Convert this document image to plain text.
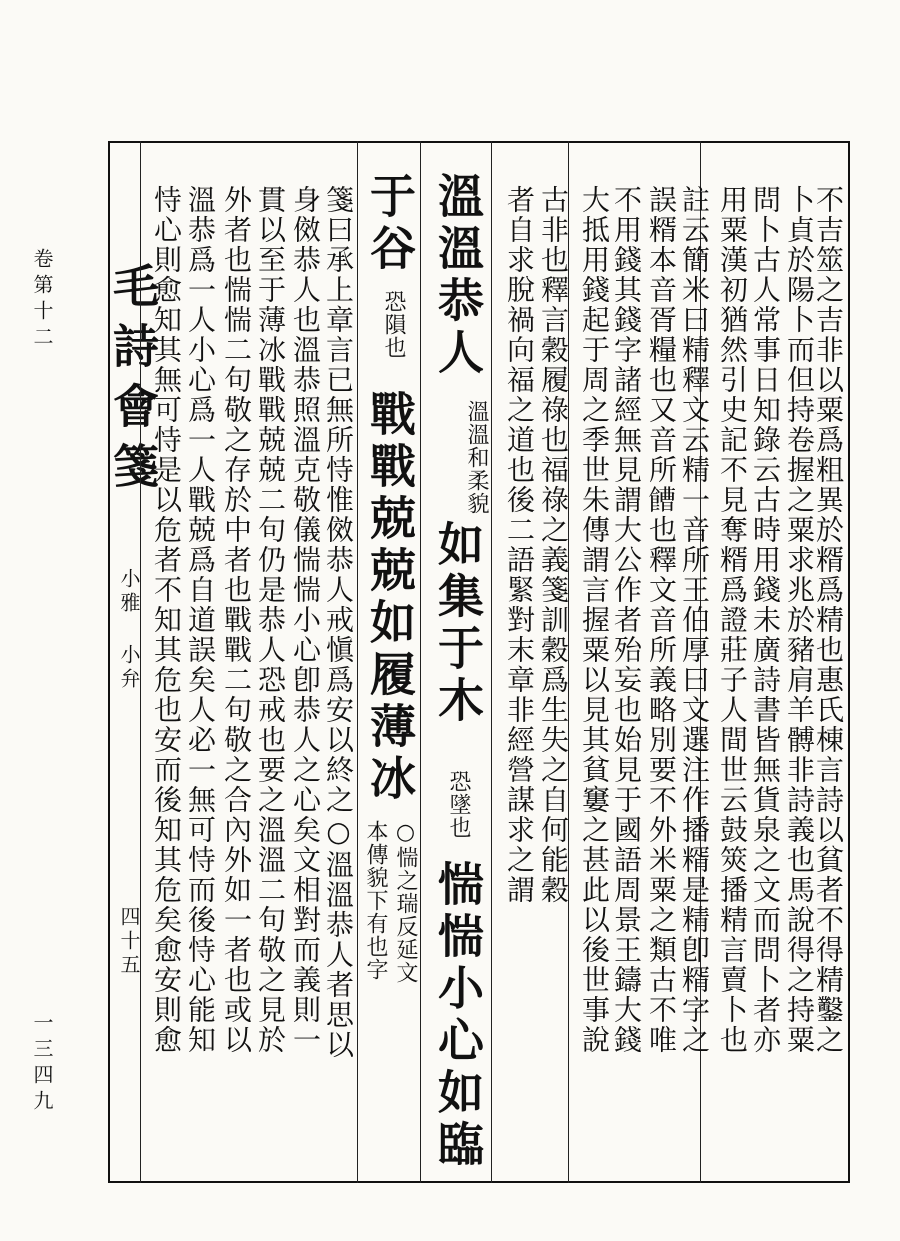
卷第十二
一三四九
毛詩會箋
小雅 小弁
四十五	不吉筮之吉非以粟爲粗異於糈爲精也惠氏棟言詩以貧者不得精鑿之
卜貞於陽卜而但持卷握之粟求兆於豬肩羊髆非詩義也馬說得之持粟
問卜古人常事日知錄云古時用錢未廣詩書皆無貨泉之文而問卜者亦
用粟漢初猶然引史記不見奪糈爲證莊子人間世云鼓筴播精言賣卜也
註云簡米曰精釋文云精一音所王伯厚曰文選注作播糈是精卽糈字之
誤糈本音胥糧也又音所𩞄也釋文音所義略別要不外米粟之類古不唯
不用錢其錢字諸經無見謂大公作者殆妄也始見于國語周景王鑄大錢
大抵用錢起于周之季世朱傳謂言握粟以見其貧窶之甚此以後世事說
古非也釋言穀履祿也福祿之義箋訓穀爲生失之自何能穀
者自求脫禍向福之道也後二語緊對末章非經營謀求之謂
溫溫恭人
溫溫和柔貌
如集于木
恐墜也
惴惴小心如臨
于谷
恐隕也
戰戰兢兢如履薄冰
○惴之瑞反延文
本傳貌下有也字
箋曰承上章言已無所恃惟傚恭人戒愼爲安以終之○溫溫恭人者思以
身傚恭人也溫恭照溫克敬儀惴惴小心卽恭人之心矣文相對而義則一
貫以至于薄冰戰戰兢兢二句仍是恭人恐戒也要之溫溫二句敬之見於
外者也惴惴二句敬之存於中者也戰戰二句敬之合內外如一者也或以
溫恭爲一人小心爲一人戰兢爲自道誤矣人必一無可恃而後恃心能知
恃心則愈知其無可恃是以危者不知其危也安而後知其危矣愈安則愈
